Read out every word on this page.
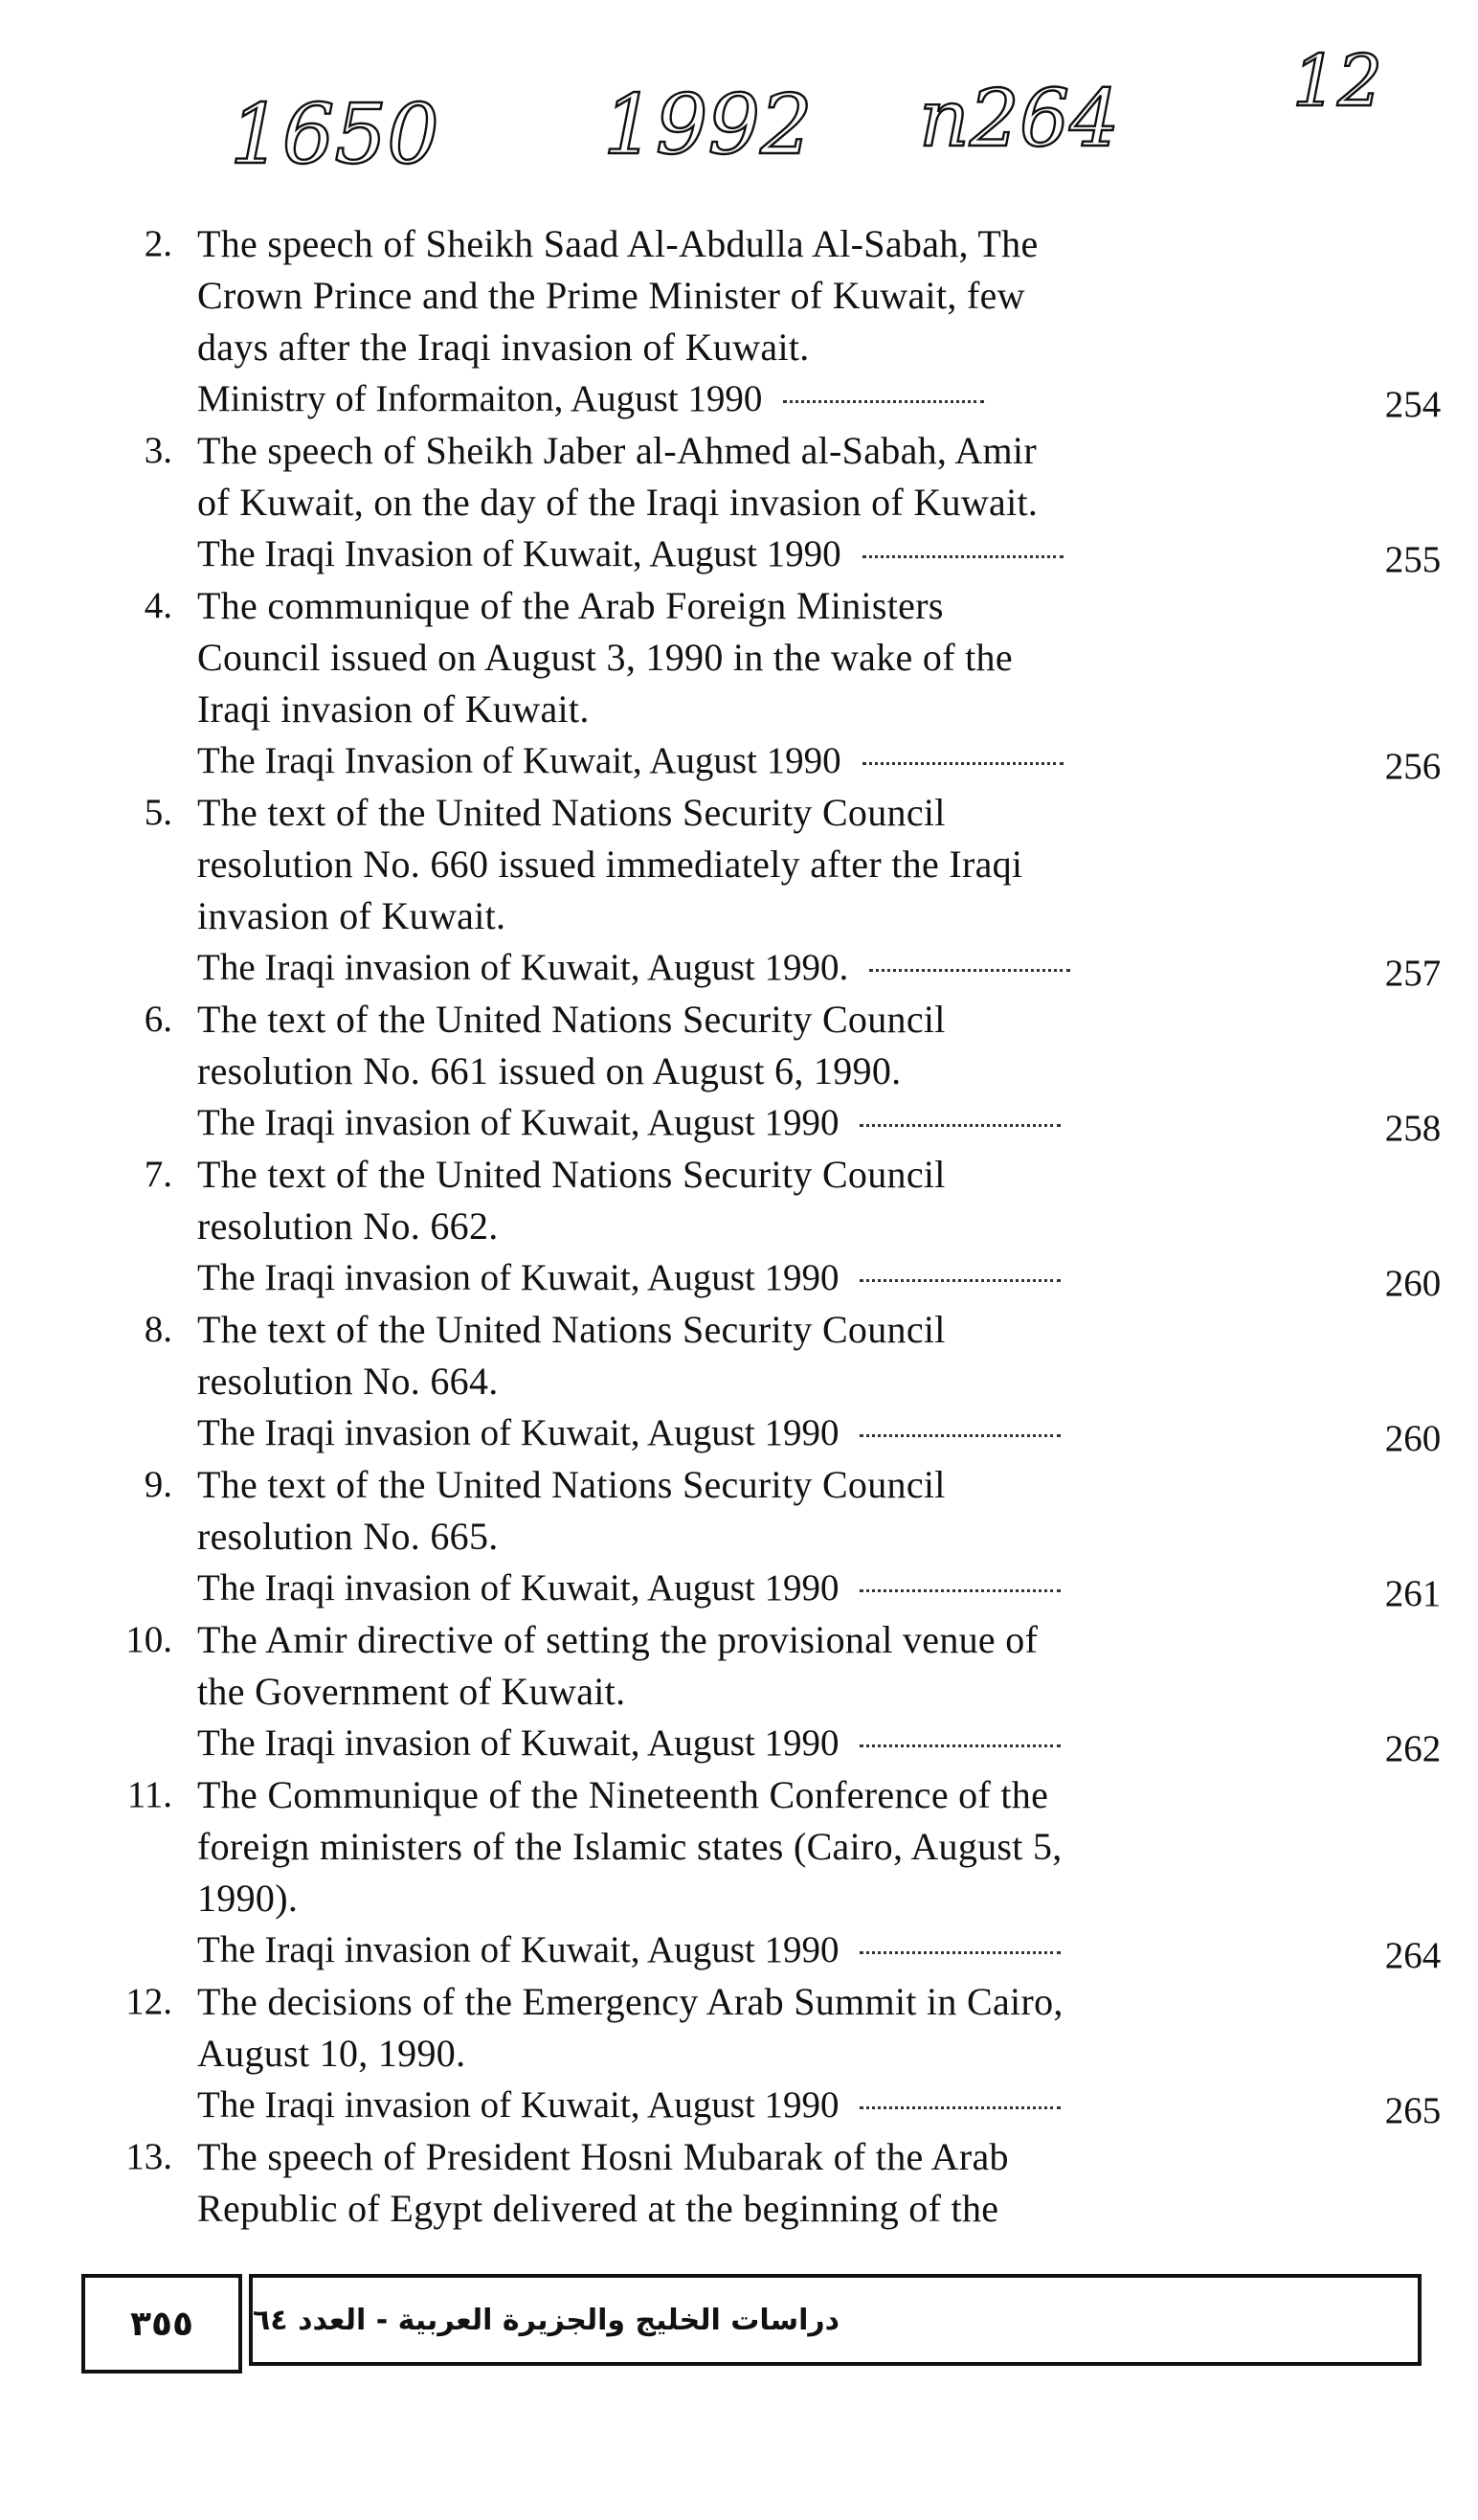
1650 1992 n264 12
2. The speech of Sheikh Saad Al-Abdulla Al-Sabah, The
Crown Prince and the Prime Minister of Kuwait, few
days after the Iraqi invasion of Kuwait.
Ministry of Informaiton, August 1990	254
3. The speech of Sheikh Jaber al-Ahmed al-Sabah, Amir
of Kuwait, on the day of the Iraqi invasion of Kuwait.
The Iraqi Invasion of Kuwait, August 1990	255
4. The communique of the Arab Foreign Ministers
Council issued on August 3, 1990 in the wake of the
Iraqi invasion of Kuwait.
The Iraqi Invasion of Kuwait, August 1990	256
5. The text of the United Nations Security Council
resolution No. 660 issued immediately after the Iraqi
invasion of Kuwait.
The Iraqi invasion of Kuwait, August 1990.	257
6. The text of the United Nations Security Council
resolution No. 661 issued on August 6, 1990.
The Iraqi invasion of Kuwait, August 1990	258
7. The text of the United Nations Security Council
resolution No. 662.
The Iraqi invasion of Kuwait, August 1990	260
8. The text of the United Nations Security Council
resolution No. 664.
The Iraqi invasion of Kuwait, August 1990	260
9. The text of the United Nations Security Council
resolution No. 665.
The Iraqi invasion of Kuwait, August 1990	261
10. The Amir directive of setting the provisional venue of
the Government of Kuwait.
The Iraqi invasion of Kuwait, August 1990	262
11. The Communique of the Nineteenth Conference of the
foreign ministers of the Islamic states (Cairo, August 5,
1990).
The Iraqi invasion of Kuwait, August 1990	264
12. The decisions of the Emergency Arab Summit in Cairo,
August 10, 1990.
The Iraqi invasion of Kuwait, August 1990	265
13. The speech of President Hosni Mubarak of the Arab
Republic of Egypt delivered at the beginning of the
٣٥٥	دراسات الخليج والجزيرة العربية - العدد ٦٤
